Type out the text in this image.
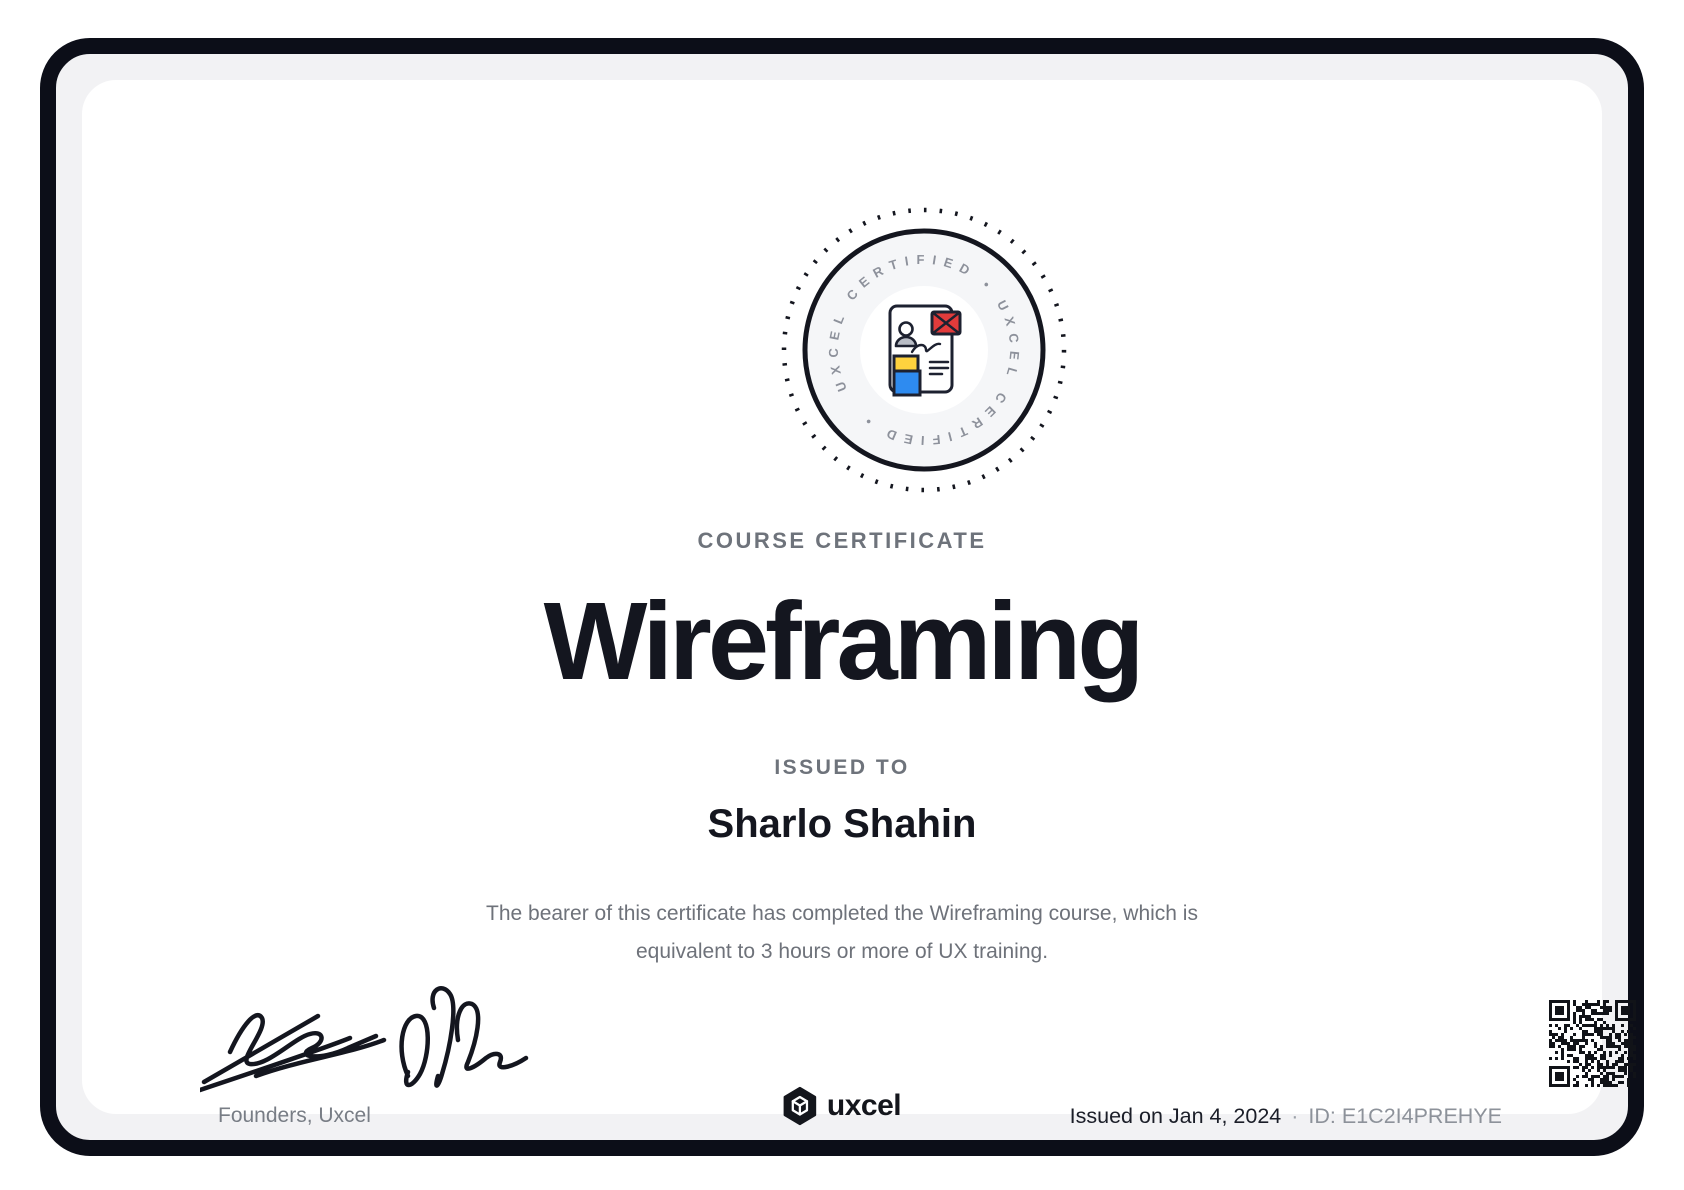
UXCEL CERTIFIED • UXCEL CERTIFIED •
COURSE CERTIFICATE
Wireframing
ISSUED TO
Sharlo Shahin
The bearer of this certificate has completed the Wireframing course, which is
equivalent to 3 hours or more of UX training.
Founders, Uxcel	uxcel	Issued on Jan 4, 2024 · ID: E1C2I4PREHYE
